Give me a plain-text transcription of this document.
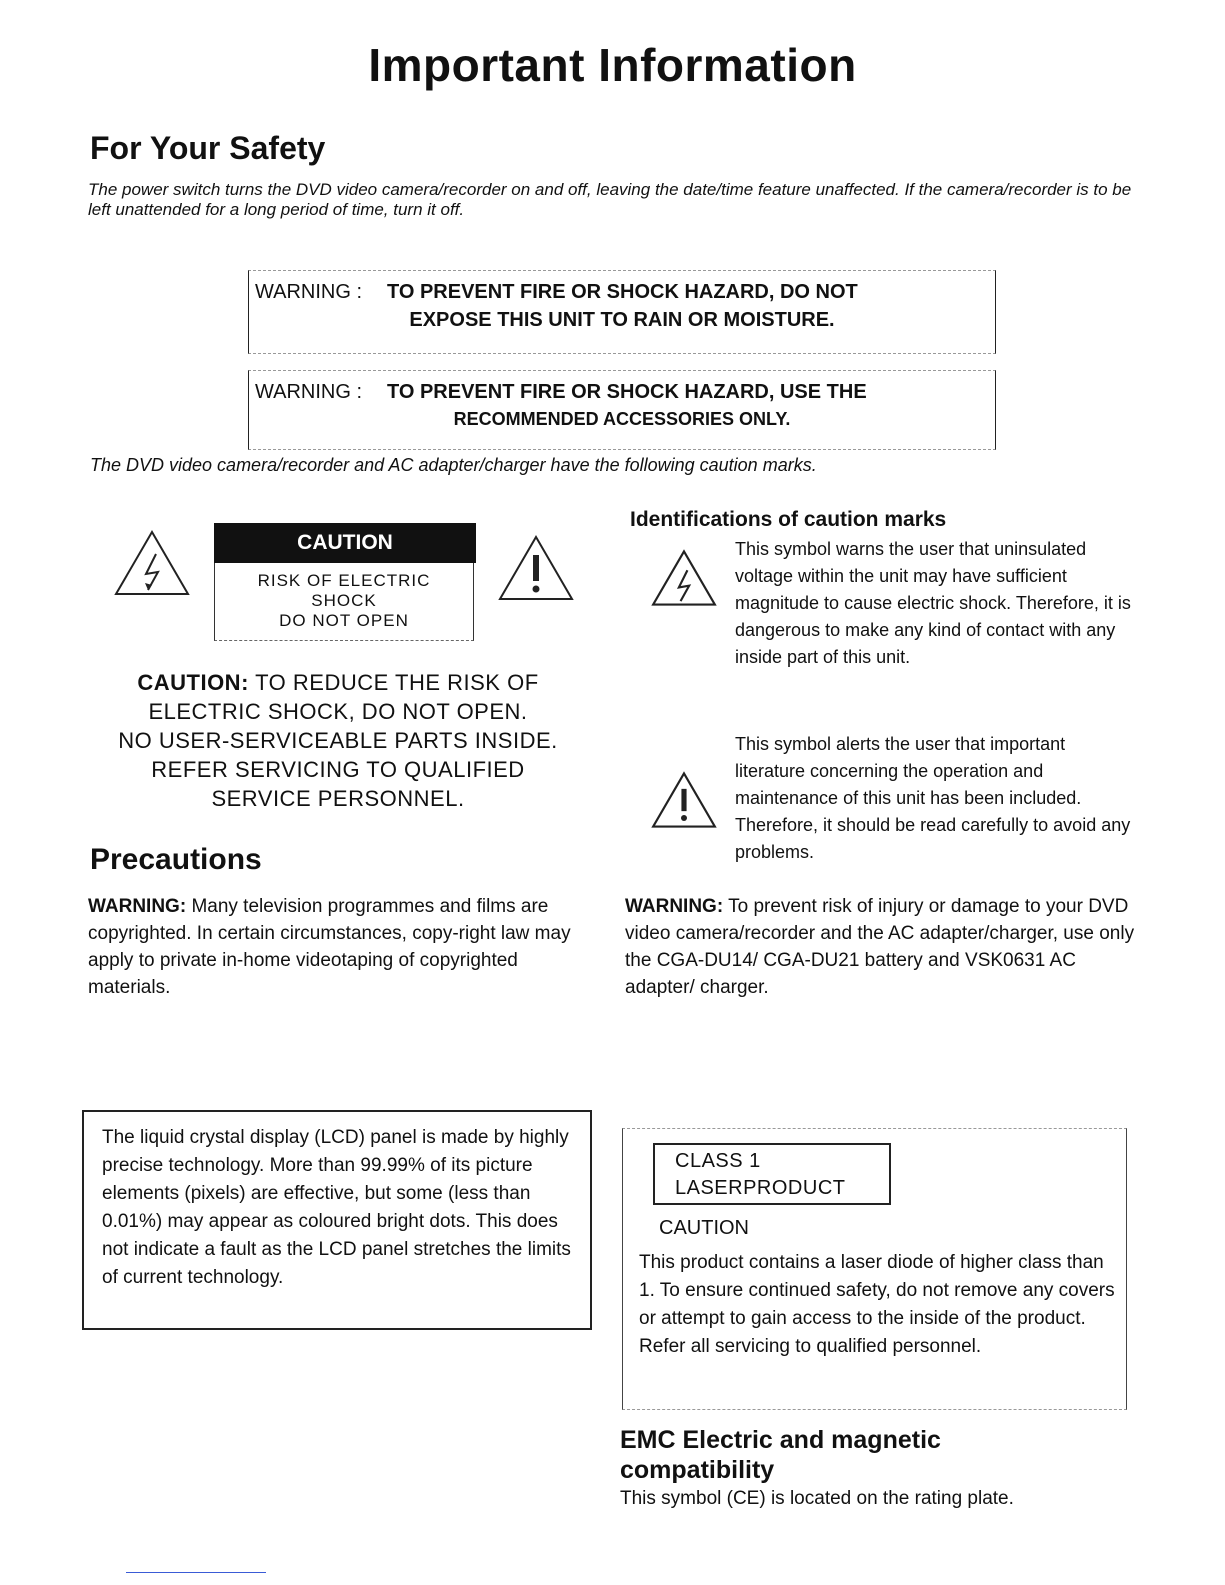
Important Information
For Your Safety
The power switch turns the DVD video camera/recorder on and off, leaving the date/time feature unaffected. If the camera/recorder is to be left unattended for a long period of time, turn it off.
WARNING : TO PREVENT FIRE OR SHOCK HAZARD, DO NOT
EXPOSE THIS UNIT TO RAIN OR MOISTURE.
WARNING : TO PREVENT FIRE OR SHOCK HAZARD, USE THE
RECOMMENDED ACCESSORIES ONLY.
The DVD video camera/recorder and AC adapter/charger have the following caution marks.
CAUTION
RISK OF ELECTRIC
SHOCK
DO NOT OPEN
CAUTION: TO REDUCE THE RISK OF
ELECTRIC SHOCK, DO NOT OPEN.
NO USER-SERVICEABLE PARTS INSIDE.
REFER SERVICING TO QUALIFIED
SERVICE PERSONNEL.
Identifications of caution marks
This symbol warns the user that uninsulated voltage within the unit may have sufficient magnitude to cause electric shock. Therefore, it is dangerous to make any kind of contact with any inside part of this unit.
This symbol alerts the user that important literature concerning the operation and maintenance of this unit has been included. Therefore, it should be read carefully to avoid any problems.
Precautions
WARNING: Many television programmes and films are copyrighted. In certain circumstances, copy-right law may apply to private in-home videotaping of copyrighted materials.
WARNING: To prevent risk of injury or damage to your DVD video camera/recorder and the AC adapter/charger, use only the CGA-DU14/ CGA-DU21 battery and VSK0631 AC adapter/ charger.
The liquid crystal display (LCD) panel is made by highly precise technology. More than 99.99% of its picture elements (pixels) are effective, but some (less than 0.01%) may appear as coloured bright dots. This does not indicate a fault as the LCD panel stretches the limits of current technology.
CLASS 1
LASERPRODUCT
CAUTION
This product contains a laser diode of higher class than 1. To ensure continued safety, do not remove any covers or attempt to gain access to the inside of the product. Refer all servicing to qualified personnel.
EMC Electric and magnetic compatibility
This symbol (CE) is located on the rating plate.
